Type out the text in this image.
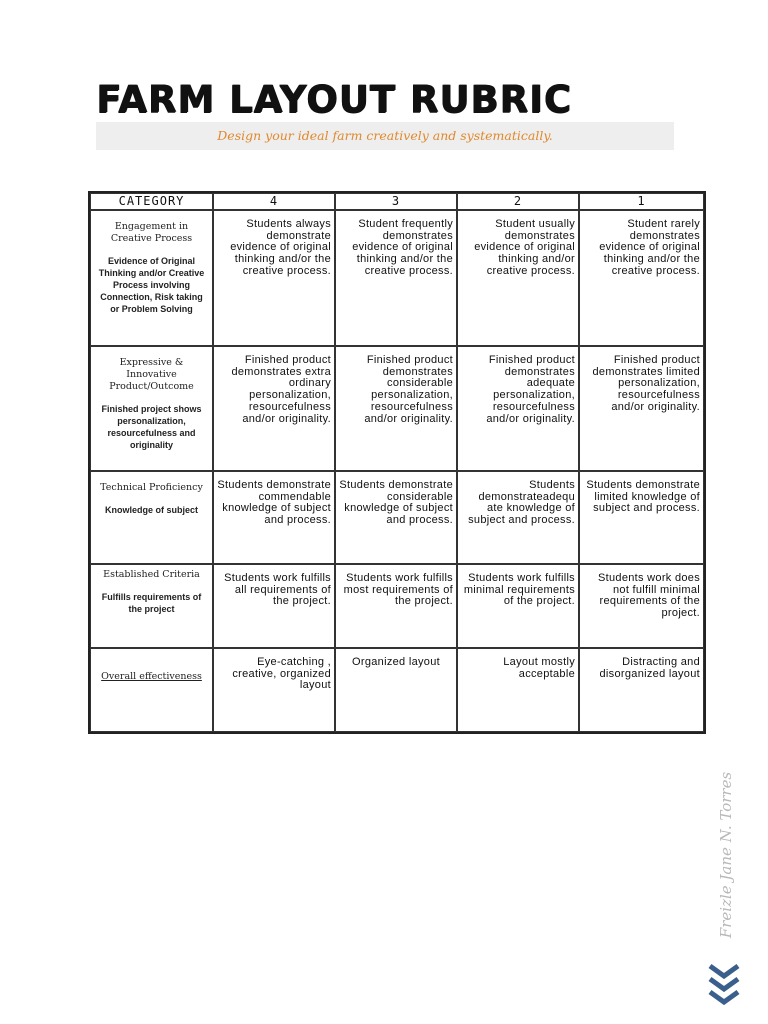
FARM LAYOUT RUBRIC
Design your ideal farm creatively and systematically.
CATEGORY	4	3	2	1

Engagement in Creative Process
Evidence of Original Thinking and/or Creative Process involving Connection, Risk taking or Problem Solving	Students always demonstrate evidence of original thinking and/or the creative process.	Student frequently demonstrates evidence of original thinking and/or the creative process.	Student usually demonstrates evidence of original thinking and/or creative process.	Student rarely demonstrates evidence of original thinking and/or the creative process.

Expressive & Innovative Product/Outcome
Finished project shows personalization, resourcefulness and originality	Finished product demonstrates extra ordinary personalization, resourcefulness and/or originality.	Finished product demonstrates considerable personalization, resourcefulness and/or originality.	Finished product demonstrates adequate personalization, resourcefulness and/or originality.	Finished product demonstrates limited personalization, resourcefulness and/or originality.

Technical Proficiency
Knowledge of subject	Students demonstrate commendable knowledge of subject and process.	Students demonstrate considerable knowledge of subject and process.	Students demonstrateadequ ate knowledge of subject and process.	Students demonstrate limited knowledge of subject and process.

Established Criteria
Fulfills requirements of the project	Students work fulfills all requirements of the project.	Students work fulfills most requirements of the project.	Students work fulfills minimal requirements of the project.	Students work does not fulfill minimal requirements of the project.

Overall effectiveness	Eye-catching , creative, organized layout	Organized layout	Layout mostly acceptable	Distracting and disorganized layout
Freizle Jane N. Torres
